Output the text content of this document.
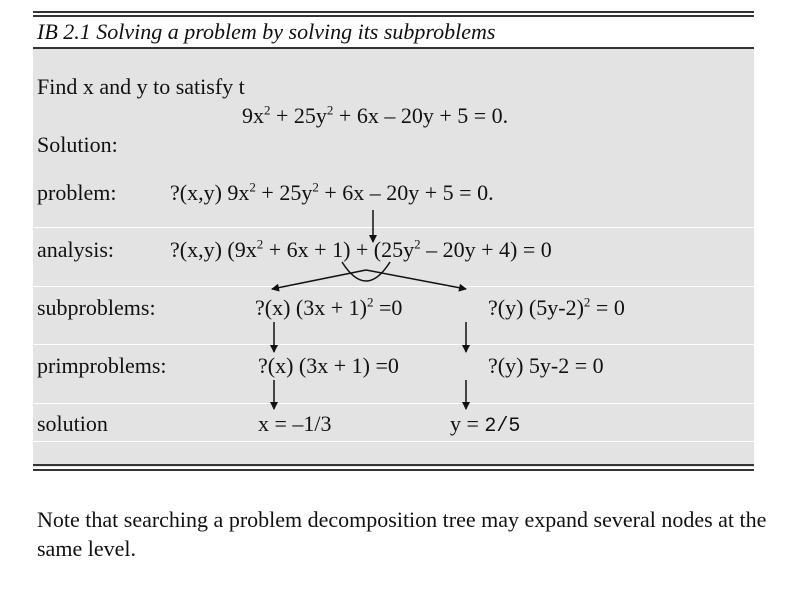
IB 2.1 Solving a problem by solving its subproblems
Find x and y to satisfy t
$9x^2 + 25y^2 + 6x - 20y + 5 = 0$.
Solution:
problem: ?(x,y) $9x^2 + 25y^2 + 6x - 20y + 5 = 0$.
analysis:	?(x,y) $(9x^2 + 6x + 1) + (25y^2 - 20y + 4) = 0$
subproblems:	?(x) $(3x + 1)^2 =0$	?(y) $(5y-2)^2 = 0$
primproblems:	?(x) (3x + 1) =0	?(y) 5y-2 = 0
solution	x = –1/3	y = 2/5
Note that searching a problem decomposition tree may expand several nodes at the same level.
